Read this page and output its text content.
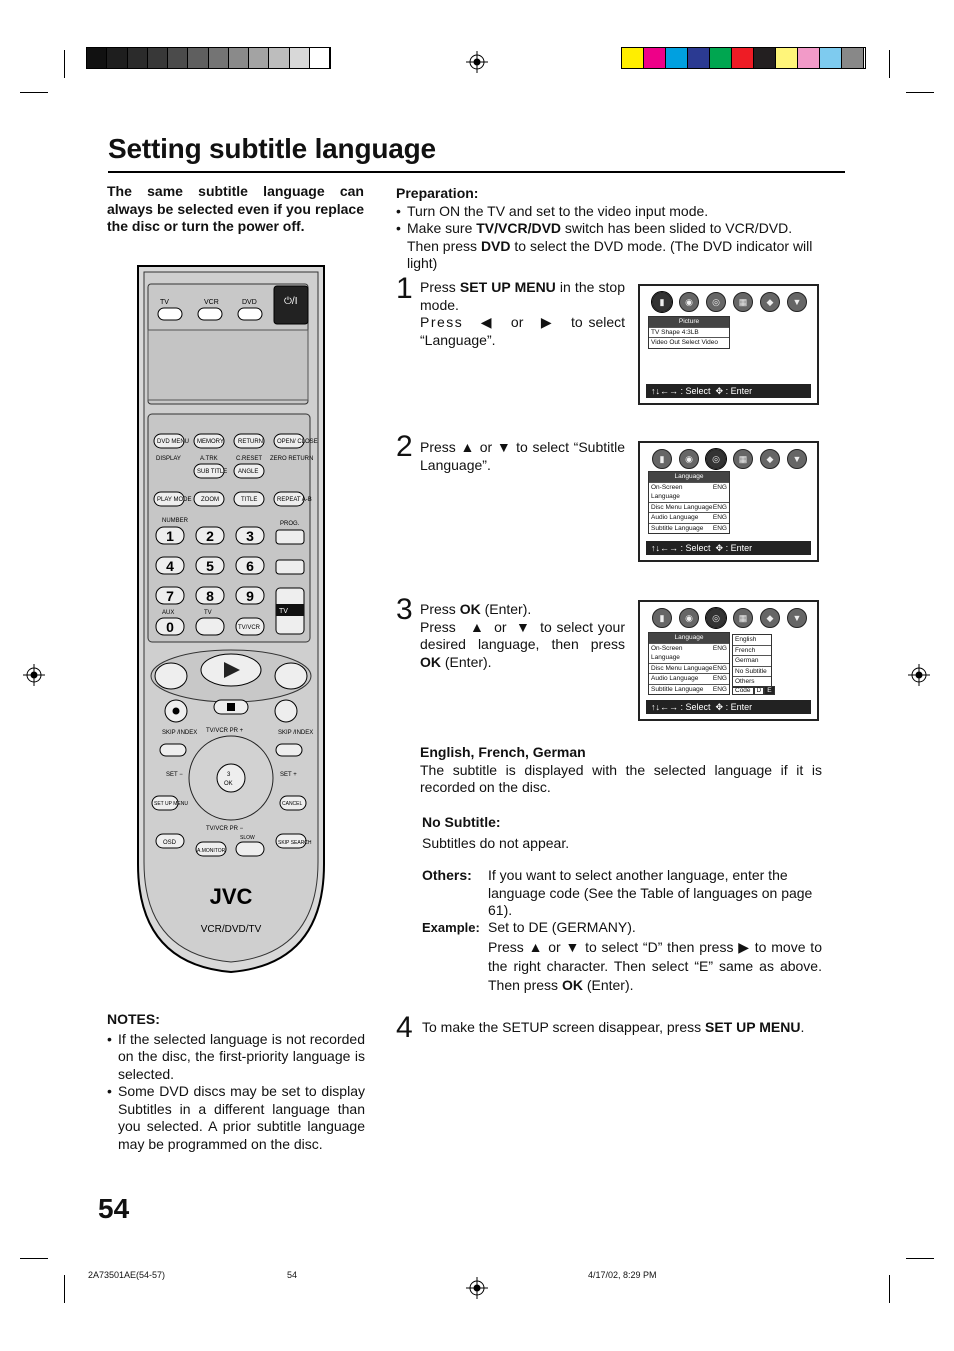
Setting subtitle language
The same subtitle language can always be selected even if you replace the disc or turn the power off.
Preparation:
• Turn ON the TV and set to the video input mode.
• Make sure TV/VCR/DVD switch has been slided to VCR/DVD. Then press DVD to select the DVD mode. (The DVD indicator will light)
1 Press SET UP MENU in the stop mode.
Press ◀ or ▶ to select “Language”.
▮	◉	◎	▦	◆	▼
Picture
TV Shape 4:3LB
Video Out Select Video
↑↓←→ : Select  ✥ : Enter
2 Press ▲ or ▼ to select “Subtitle Language”.	▮	◉	◎	▦	◆	▼
Language
On-Screen Language
ENG
Disc Menu Language ENG
Audio Language ENG
Subtitle Language ENG
↑↓←→ : Select  ✥ : Enter
3 Press OK (Enter).
Press ▲ or ▼ to select your desired language, then press OK (Enter).
▮	◉	◎	▦	◆	▼
Language
On-Screen Language
ENG
Disc Menu Language ENG
Audio Language ENG
Subtitle Language ENG
English
French
German
No Subtitle
Others
Code D E
↑↓←→ : Select  ✥ : Enter
English, French, German
The subtitle is displayed with the selected language if it is recorded on the disc.
No Subtitle:
Subtitles do not appear.
Others: If you want to select another language, enter the language code (See the Table of languages on page 61).
Example: Set to DE (GERMANY).
Press ▲ or ▼ to select “D” then press ▶ to move to the right character. Then select “E” same as above. Then press OK (Enter).
4 To make the SETUP screen disappear, press SET UP MENU.
NOTES:
• If the selected language is not recorded on the disc, the first-priority language is selected.
• Some DVD discs may be set to display Subtitles in a different language than you selected. A prior subtitle language may be programmed on the disc.
TV	VCR	DVD	⏻/I
DVD MENU MEMORY RETURN OPEN/ CLOSE
DISPLAY	A.TRK	C.RESET ZERO RETURN
SUB TITLE ANGLE
PLAY MODE ZOOM	TITLE	REPEAT A-B
NUMBER	PROG.
1 2 3
4 5 6
7 8 9
0
TV
AUX	TV
TV/VCR
SKIP /INDEX	SKIP /INDEX
TV/VCR PR +
TV/VCR PR −
SET −	SET +
3
OK
SET UP MENU	CANCEL
OSD
A.MONITOR
SLOW
SKIP SEARCH
JVC
VCR/DVD/TV
54
2A73501AE(54-57)	54	4/17/02, 8:29 PM
